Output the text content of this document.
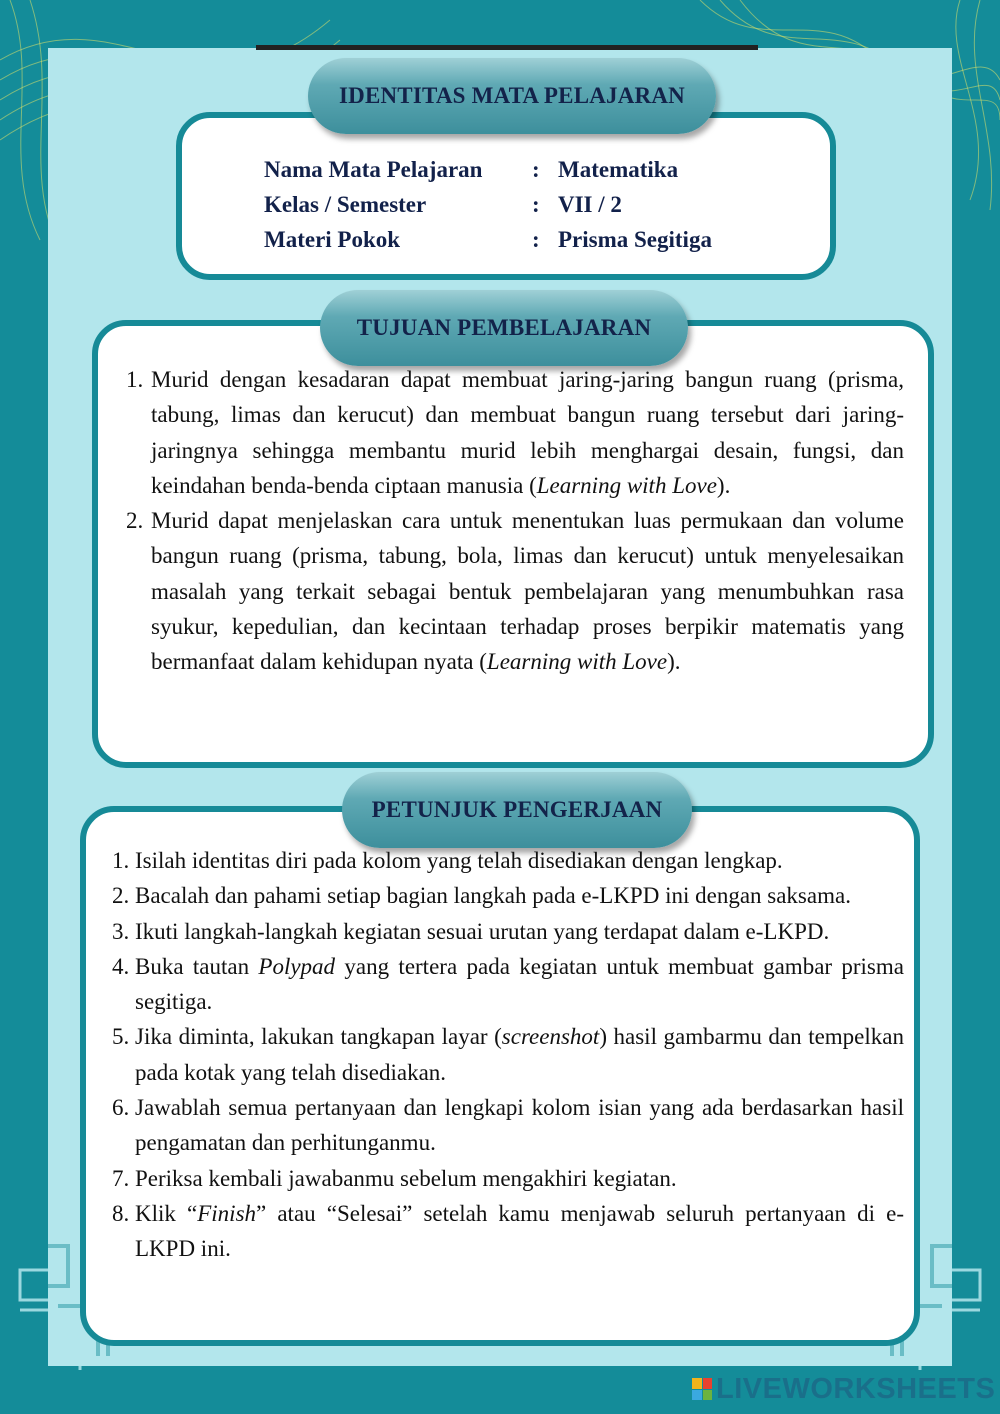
IDENTITAS MATA PELAJARAN
Nama Mata Pelajaran	: Matematika
Kelas / Semester	: VII / 2
Materi Pokok	: Prisma Segitiga
TUJUAN PEMBELAJARAN
1. Murid dengan kesadaran dapat membuat jaring-jaring bangun ruang (prisma, tabung, limas dan kerucut) dan membuat bangun ruang tersebut dari jaring-jaringnya sehingga membantu murid lebih menghargai desain, fungsi, dan keindahan benda-benda ciptaan manusia (Learning with Love).
2. Murid dapat menjelaskan cara untuk menentukan luas permukaan dan volume bangun ruang (prisma, tabung, bola, limas dan kerucut) untuk menyelesaikan masalah yang terkait sebagai bentuk pembelajaran yang menumbuhkan rasa syukur, kepedulian, dan kecintaan terhadap proses berpikir matematis yang bermanfaat dalam kehidupan nyata (Learning with Love).
PETUNJUK PENGERJAAN
1. Isilah identitas diri pada kolom yang telah disediakan dengan lengkap.
2. Bacalah dan pahami setiap bagian langkah pada e-LKPD ini dengan saksama.
3. Ikuti langkah-langkah kegiatan sesuai urutan yang terdapat dalam e-LKPD.
4. Buka tautan Polypad yang tertera pada kegiatan untuk membuat gambar prisma segitiga.
5. Jika diminta, lakukan tangkapan layar (screenshot) hasil gambarmu dan tempelkan pada kotak yang telah disediakan.
6. Jawablah semua pertanyaan dan lengkapi kolom isian yang ada berdasarkan hasil pengamatan dan perhitunganmu.
7. Periksa kembali jawabanmu sebelum mengakhiri kegiatan.
8. Klik “Finish” atau “Selesai” setelah kamu menjawab seluruh pertanyaan di e-LKPD ini.
LIVEWORKSHEETS
